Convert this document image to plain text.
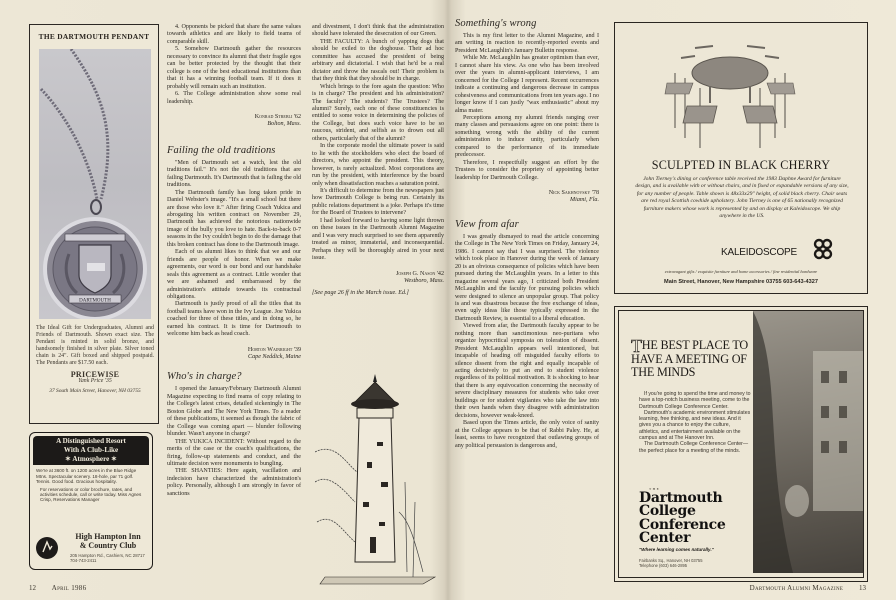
THE DARTMOUTH PENDANT
DARTMOUTH
The Ideal Gift for Undergraduates, Alumni and Friends of Dartmouth. Shown exact size. The Pendant is minted in solid bronze, and handsomely finished in silver plate. Silver toned chain is 24". Gift boxed and shipped postpaid. The Pendants are $17.50 each.
PRICEWISE
Yank Price '35
37 South Main Street, Hanover, NH 03755
A Distinguished Resort
With A Club-Like
✶ Atmosphere ✶
We're at 3600 ft. on 1200 acres in the Blue Ridge Mtns. Spectacular scenery. 18-hole, par 71 golf. Tennis. Good food. Gracious hospitality.
For reservations or color brochure, rates, and activities schedule, call or write today. Miss Agnes Crisp, Reservations Manager
High Hampton Inn
& Country Club
205 Hampton Rd., Cashiers, NC 28717
704-743-2411

4. Opponents be picked that share the same values towards athletics and are likely to field teams of comparable skill.

5. Somehow Dartmouth gather the resources necessary to convince its alumni that their fragile egos can be better protected by the thought that their college is one of the best educational institutions than that it has a winning football team. If it does it probably will remain such an institution.

6. The College administration show some real leadership.

Konrad Strebli '62
Bolton, Mass.
Failing the old traditions

"Men of Dartmouth set a watch, lest the old traditions fail." It's not the old traditions that are failing Dartmouth. It's Dartmouth that is failing the old traditions.

The Dartmouth family has long taken pride in Daniel Webster's image. "It's a small school but there are those who love it." After firing Coach Yukica and abrogating his written contract on November 29, Dartmouth has achieved the notorious nationwide image of the bully you love to hate. Back-to-back 0-7 seasons in the Ivy couldn't begin to do the damage that this broken contract has done to the Dartmouth image.

Each of us alumni likes to think that we and our friends are people of honor. When we make agreements, our word is our bond and our handshake seals this agreement as a contract. Little wonder that we are ashamed and embarrassed by the administration's attitude towards its contractual obligations.

Dartmouth is justly proud of all the titles that its football teams have won in the Ivy League. Joe Yukica coached for three of these titles, and in doing so, he earned his contract. It is time for Dartmouth to welcome him back as head coach.

Horton Wainright '39
Cape Neddick, Maine
Who's in charge?

I opened the January/February Dartmouth Alumni Magazine expecting to find reams of copy relating to the College's latest crises, detailed sickeningly in The Boston Globe and The New York Times. To a reader of these publications, it seemed as though the fabric of the College was coming apart — blunder following blunder. Wasn't anyone in charge?

THE YUKICA INCIDENT: Without regard to the merits of the case or the coach's qualifications, the firing, follow-up statements and conduct, and the ultimate decision were monuments to bungling.

THE SHANTIES: Here again, vacillation and indecision have characterized the administration's policy. Personally, although I am strongly in favor of sanctions

and divestment, I don't think that the administration should have tolerated the desecration of our Green.

THE FACULTY: A bunch of yapping dogs that should be exiled to the doghouse. Their ad hoc committee has accused the president of being arbitrary and dictatorial. I wish that he'd be a real dictator and throw the rascals out! Their problem is that they think that they should be in charge.

Which brings to the fore again the question: Who is in charge? The president and his administration? The faculty? The students? The Trustees? The alumni? Surely, each one of these constituencies is entitled to some voice in determining the policies of the College, but does such voice have to be so raucous, strident, and selfish as to drown out all others, particularly that of the alumni?

In the corporate model the ultimate power is said to lie with the stockholders who elect the board of directors, who appoint the president. This theory, however, is rarely actualized. Most corporations are run by the president, with interference by the board only when dissatisfaction reaches a saturation point.

It's difficult to determine from the newspapers just how Dartmouth College is being run. Certainly its public relations department is a joke. Perhaps it's time for the Board of Trustees to intervene?

I had looked forward to having some light thrown on these issues in the Dartmouth Alumni Magazine and I was very much surprised to see them apparently treated as minor, immaterial, and inconsequential. Perhaps they will be thoroughly aired in your next issue.

Joseph G. Nason '42
Westboro, Mass.
[See page 26 ff in the March issue. Ed.]
12 April 1986
Something's wrong

This is my first letter to the Alumni Magazine, and I am writing in reaction to recently-reported events and President McLaughlin's January Bulletin response.

While Mr. McLaughlin has greater optimism than ever, I cannot share his view. As one who has been involved over the years in alumni-applicant interviews, I am concerned for the College I represent. Recent occurrences indicate a continuing and dangerous decrease in campus cohesiveness and communications from ten years ago. I no longer know if I can justly "wax enthusiastic" about my alma mater.

Perceptions among my alumni friends ranging over many classes and persuasions agree on one point: there is something wrong with the ability of the current administration to induce unity, particularly when compared to the performance of its immediate predecessor.

Therefore, I respectfully suggest an effort by the Trustees to consider the propriety of appointing better leadership for Dartmouth College.

Nick Sakhnovsky '78
Miami, Fla.
View from afar

I was greatly dismayed to read the article concerning the College in The New York Times on Friday, January 24, 1986. I cannot say that I was surprised. The violence which took place in Hanover during the week of January 20 is an obvious consequence of policies which have been pursued during the McLaughlin years. In a letter to this magazine several years ago, I criticized both President McLaughlin and the faculty for pursuing policies which were designed to silence an unpopular group. That policy is and was disastrous because the free exchange of ideas, even ugly ideas like those typically expressed in the Dartmouth Review, is essential to a liberal education.

Viewed from afar, the Dartmouth faculty appear to be nothing more than sanctimonious neo-puritans who organize hypocritical symposia on toleration of dissent. President McLaughlin appears well intentioned, but incapable of heading off misguided faculty efforts to silence dissent from the right and equally incapable of acting decisively to put an end to student violence regardless of its political motivation. It is shocking to hear that there is any equivocation concerning the necessity of severe disciplinary measures for students who take over buildings or for student vigilantes who take the law into their own hands when they disagree with administration decisions, however weak-kneed.

Based upon the Times article, the only voice of sanity at the College appears to be that of Rabbi Paley. He, at least, seems to have recognized that outlawing groups of any political persuasion is dangerous and,

SCULPTED IN BLACK CHERRY
John Tierney's dining or conference table received the 1983 Daphne Award for furniture design, and is available with or without chairs, and in fixed or expandable versions of any size, for any number of people. Table shown is 48x33x29" height, of solid black cherry. Chair seats are red royal Scottish cowhide upholstery. John Tierney is one of 65 nationally recognized furniture makers whose work is represented by and on display at Kaleidoscope. We ship anywhere in the US.
KALEIDOSCOPE
extravagant gifts / exquisite furniture and home accessories / fine residential hardware
Main Street, Hanover, New Hampshire 03755 603-643-4327
THE BEST PLACE TO HAVE A MEETING OF THE MINDS

If you're going to spend the time and money to have a top-notch business meeting, come to the Dartmouth College Conference Center.

Dartmouth's academic environment stimulates learning, free thinking, and new ideas. And it gives you a chance to enjoy the culture, athletics, and entertainment available on the campus and at The Hanover Inn.

The Dartmouth College Conference Center—the perfect place for a meeting of the minds.

THE
Dartmouth
College
Conference
Center
"Where learning comes naturally."
Fairbanks Sq., Hanover, NH 03755
Telephone (603) 646-2895
Dartmouth Alumni Magazine 13
